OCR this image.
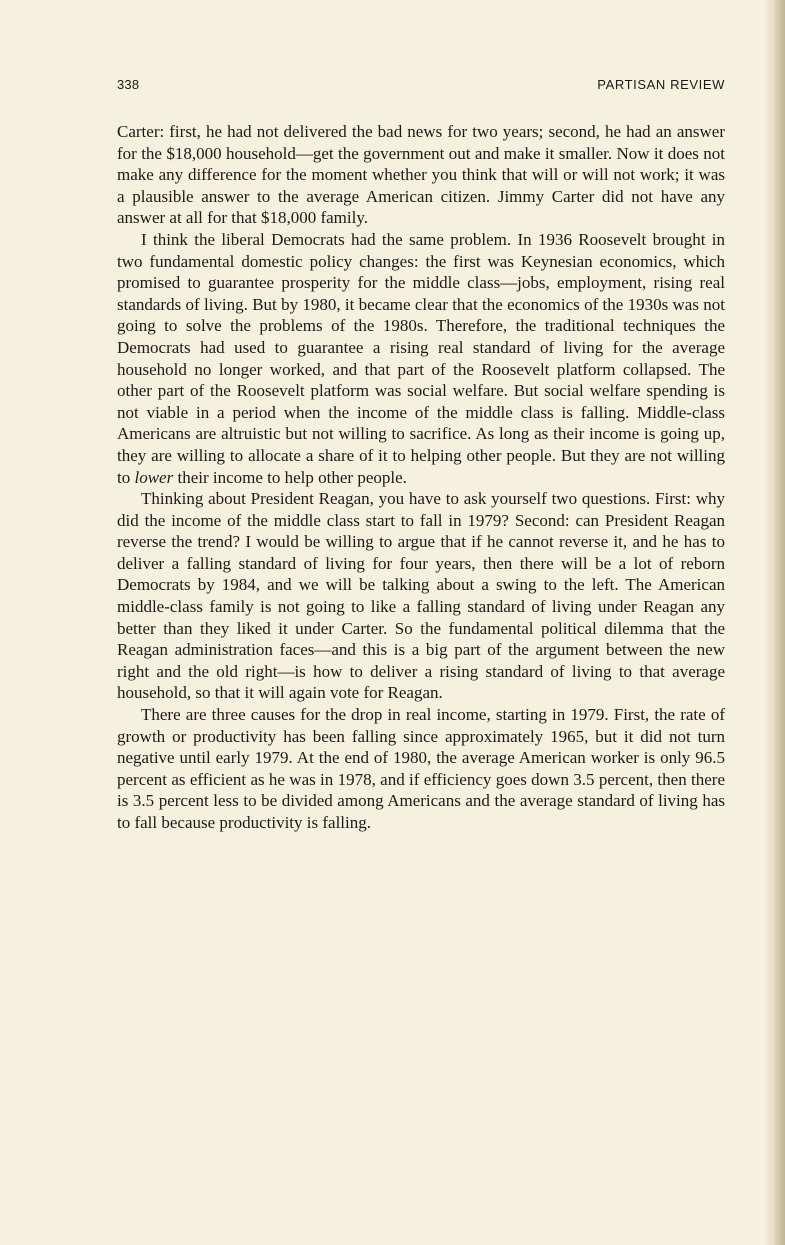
338	PARTISAN REVIEW

Carter: first, he had not delivered the bad news for two years; second, he had an answer for the $18,000 household—get the government out and make it smaller. Now it does not make any difference for the moment whether you think that will or will not work; it was a plausible answer to the average American citizen. Jimmy Carter did not have any answer at all for that $18,000 family.

I think the liberal Democrats had the same problem. In 1936 Roosevelt brought in two fundamental domestic policy changes: the first was Keynesian economics, which promised to guarantee prosperity for the middle class—jobs, employment, rising real standards of living. But by 1980, it became clear that the economics of the 1930s was not going to solve the problems of the 1980s. Therefore, the traditional techniques the Democrats had used to guarantee a rising real standard of living for the average household no longer worked, and that part of the Roosevelt platform collapsed. The other part of the Roosevelt platform was social welfare. But social welfare spending is not viable in a period when the income of the middle class is falling. Middle-class Americans are altruistic but not willing to sacrifice. As long as their income is going up, they are willing to allocate a share of it to helping other people. But they are not willing to lower their income to help other people.

Thinking about President Reagan, you have to ask yourself two questions. First: why did the income of the middle class start to fall in 1979? Second: can President Reagan reverse the trend? I would be willing to argue that if he cannot reverse it, and he has to deliver a falling standard of living for four years, then there will be a lot of reborn Democrats by 1984, and we will be talking about a swing to the left. The American middle-class family is not going to like a falling standard of living under Reagan any better than they liked it under Carter. So the fundamental political dilemma that the Reagan administration faces—and this is a big part of the argument between the new right and the old right—is how to deliver a rising standard of living to that average household, so that it will again vote for Reagan.

There are three causes for the drop in real income, starting in 1979. First, the rate of growth or productivity has been falling since approximately 1965, but it did not turn negative until early 1979. At the end of 1980, the average American worker is only 96.5 percent as efficient as he was in 1978, and if efficiency goes down 3.5 percent, then there is 3.5 percent less to be divided among Americans and the average standard of living has to fall because productivity is falling.
